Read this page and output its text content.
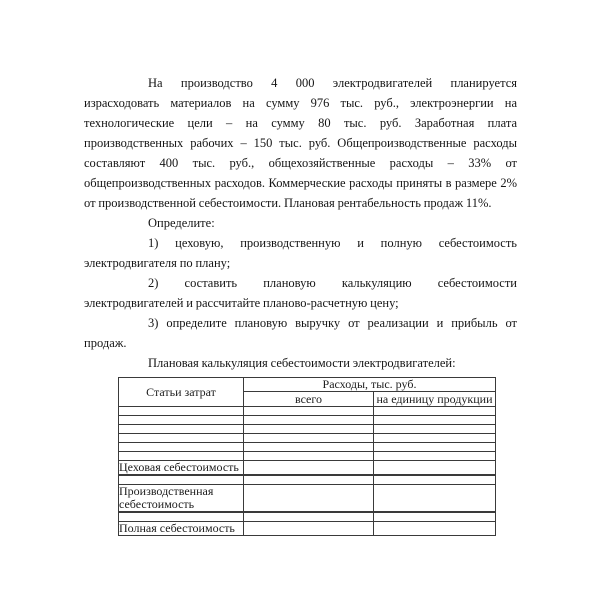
На производство 4 000 электродвигателей планируется израсходовать материалов на сумму 976 тыс. руб., электроэнергии на технологические цели – на сумму 80 тыс. руб. Заработная плата производственных рабочих – 150 тыс. руб. Общепроизводственные расходы составляют 400 тыс. руб., общехозяйственные расходы – 33% от общепроизводственных расходов. Коммерческие расходы приняты в размере 2% от производственной себестоимости. Плановая рентабельность продаж 11%.

Определите:

1) цеховую, производственную и полную себестоимость электродвигателя по плану;

2) составить плановую калькуляцию себестоимости электродвигателей и рассчитайте планово-расчетную цену;

3) определите плановую выручку от реализации и прибыль от продаж.

Плановая калькуляция себестоимости электродвигателей:

Статьи затрат	Расходы, тыс. руб.	
	всего	на единицу продукции

Цеховая себестоимость		

Производственная себестоимость		

Полная себестоимость		
